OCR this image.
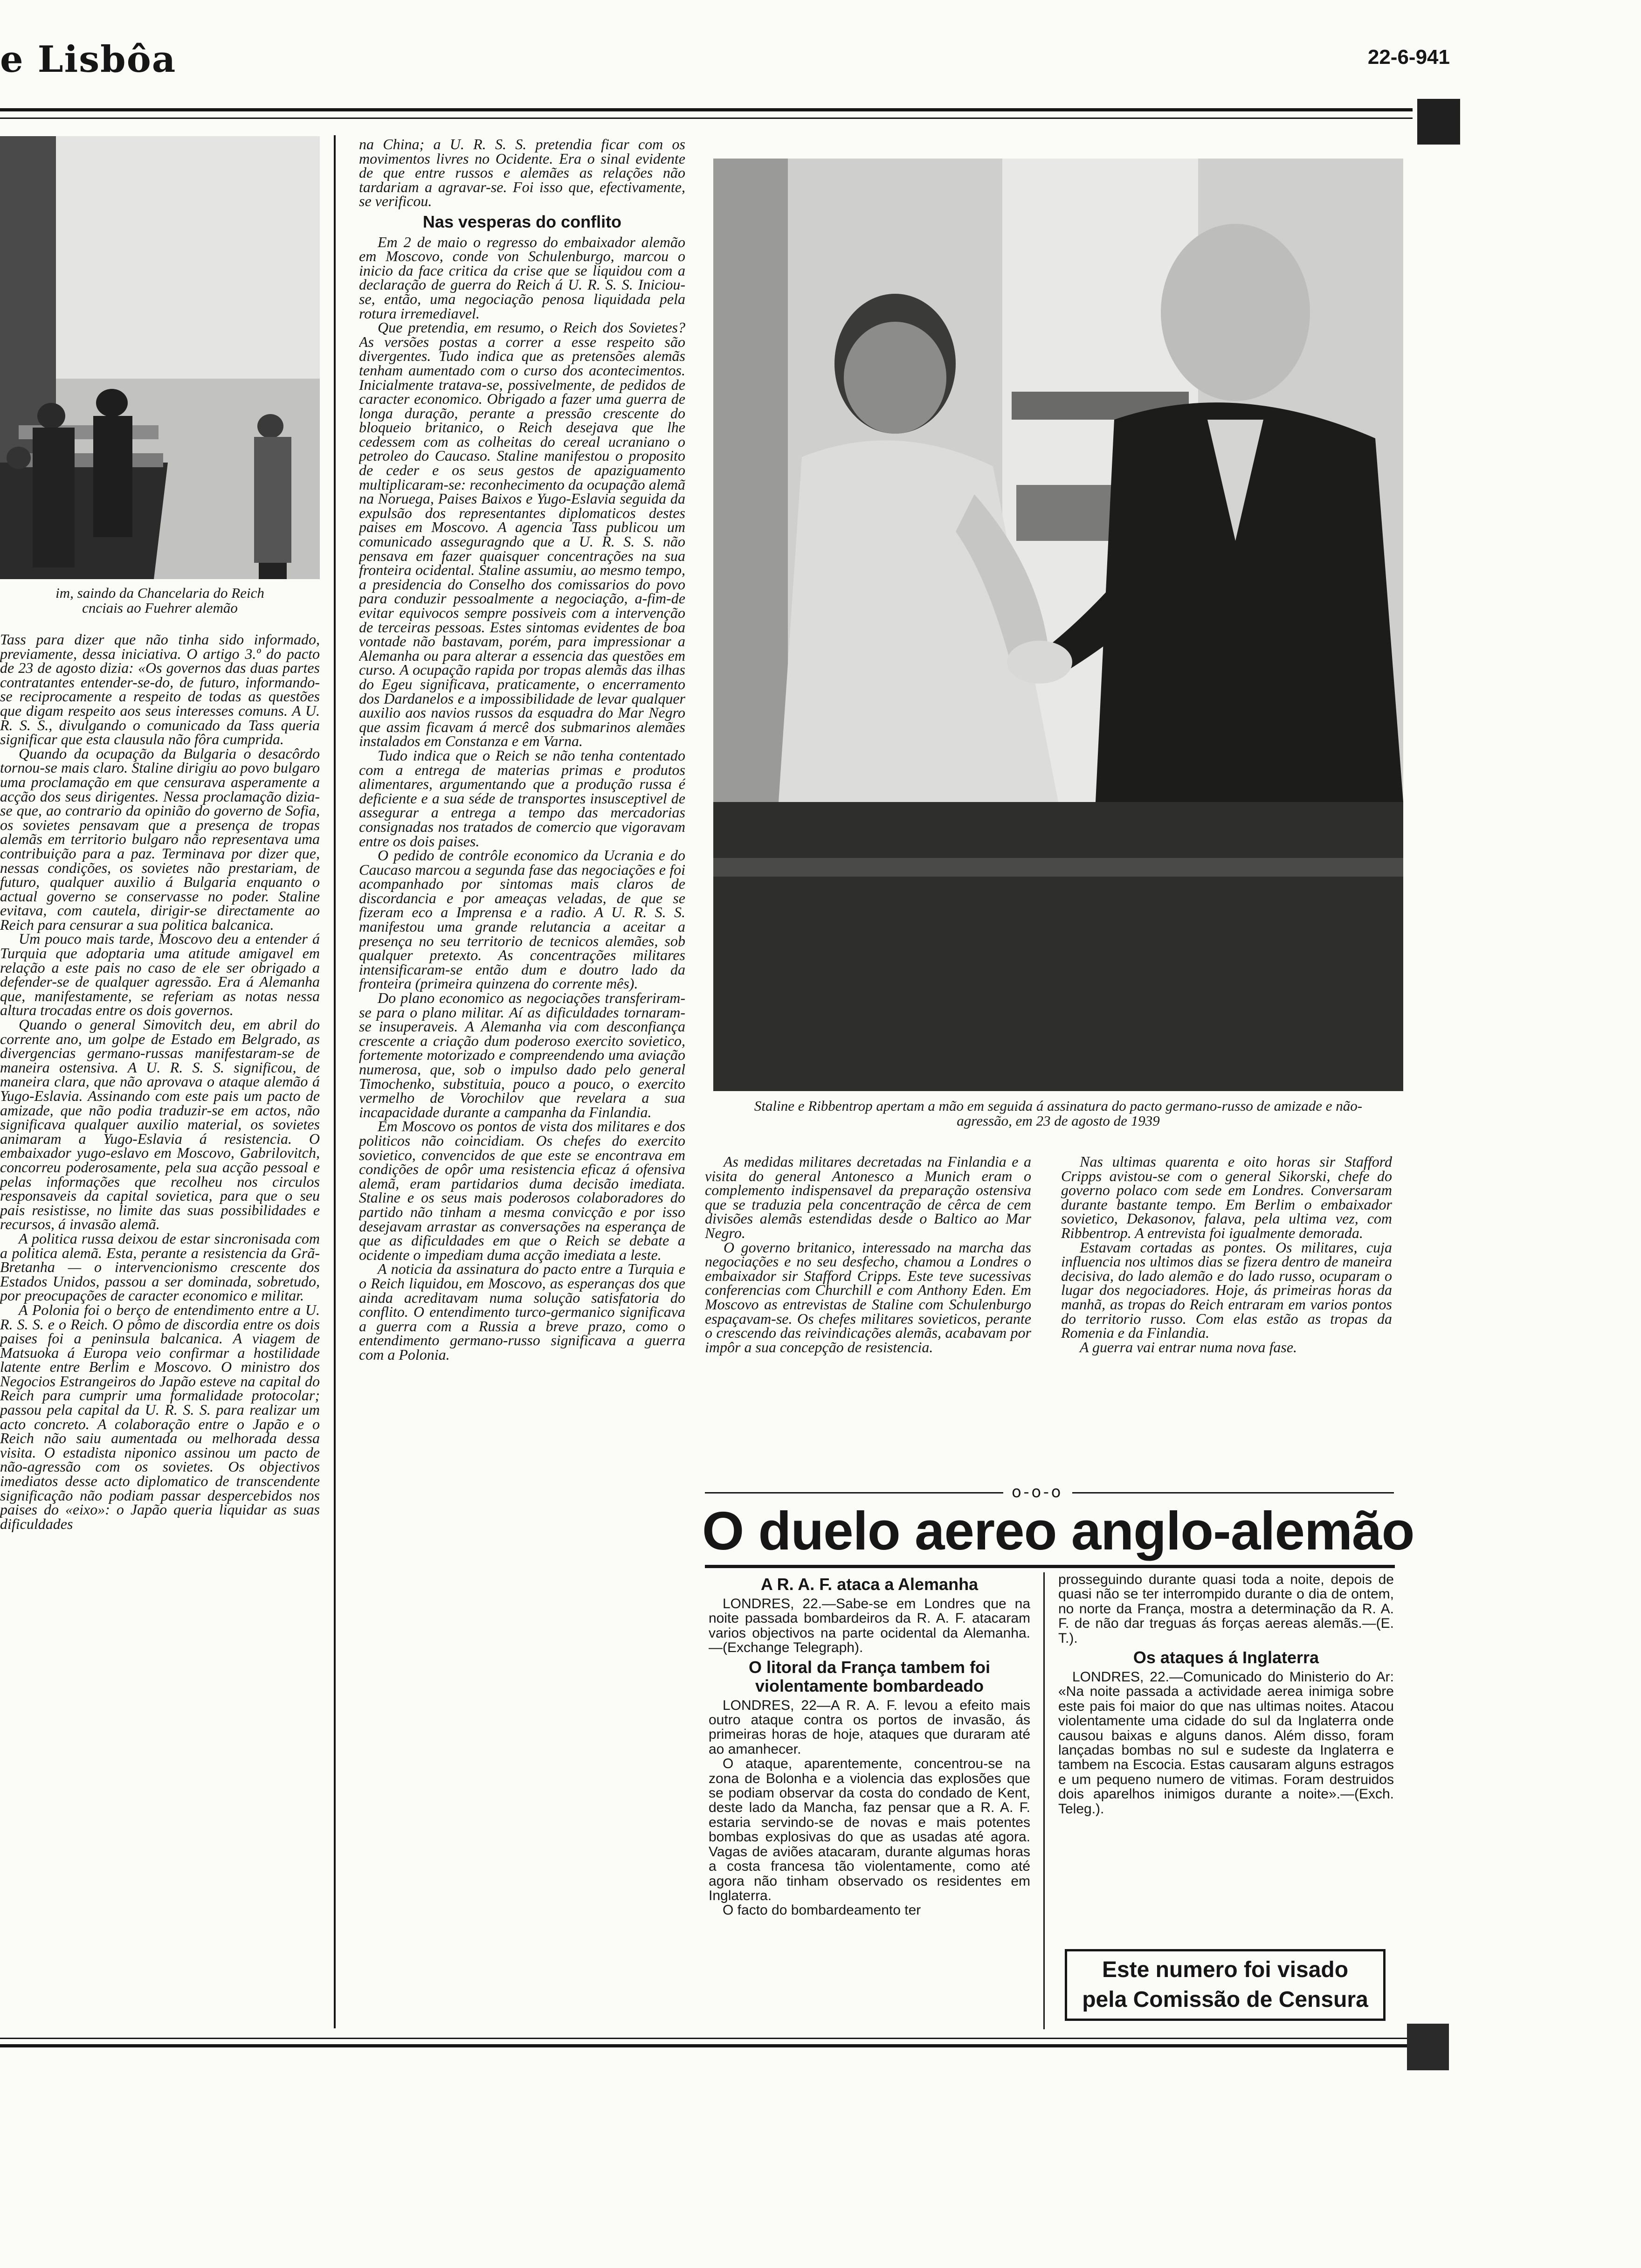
e Lisbôa	22-6-941
im, saindo da Chancelaria do Reich
cnciais ao Fuehrer alemão

Tass para dizer que não tinha sido informado, previamente, dessa iniciativa. O artigo 3.º do pacto de 23 de agosto dizia: «Os governos das duas partes contratantes entender-se-do, de futuro, informando-se reciprocamente a respeito de todas as questões que digam respeito aos seus interesses comuns. A U. R. S. S., divulgando o comunicado da Tass queria significar que esta clausula não fôra cumprida.

Quando da ocupação da Bulgaria o desacôrdo tornou-se mais claro. Staline dirigiu ao povo bulgaro uma proclamação em que censurava asperamente a acção dos seus dirigentes. Nessa proclamação dizia-se que, ao contrario da opinião do governo de Sofia, os sovietes pensavam que a presença de tropas alemãs em territorio bulgaro não representava uma contribuição para a paz. Terminava por dizer que, nessas condições, os sovietes não prestariam, de futuro, qualquer auxilio á Bulgaria enquanto o actual governo se conservasse no poder. Staline evitava, com cautela, dirigir-se directamente ao Reich para censurar a sua politica balcanica.

Um pouco mais tarde, Moscovo deu a entender á Turquia que adoptaria uma atitude amigavel em relação a este pais no caso de ele ser obrigado a defender-se de qualquer agressão. Era á Alemanha que, manifestamente, se referiam as notas nessa altura trocadas entre os dois governos.

Quando o general Simovitch deu, em abril do corrente ano, um golpe de Estado em Belgrado, as divergencias germano-russas manifestaram-se de maneira ostensiva. A U. R. S. S. significou, de maneira clara, que não aprovava o ataque alemão á Yugo-Eslavia. Assinando com este pais um pacto de amizade, que não podia traduzir-se em actos, não significava qualquer auxilio material, os sovietes animaram a Yugo-Eslavia á resistencia. O embaixador yugo-eslavo em Moscovo, Gabrilovitch, concorreu poderosamente, pela sua acção pessoal e pelas informações que recolheu nos circulos responsaveis da capital sovietica, para que o seu pais resistisse, no limite das suas possibilidades e recursos, á invasão alemã.

A politica russa deixou de estar sincronisada com a politica alemã. Esta, perante a resistencia da Grã-Bretanha — o intervencionismo crescente dos Estados Unidos, passou a ser dominada, sobretudo, por preocupações de caracter economico e militar.

A Polonia foi o berço de entendimento entre a U. R. S. S. e o Reich. O pômo de discordia entre os dois paises foi a peninsula balcanica. A viagem de Matsuoka á Europa veio confirmar a hostilidade latente entre Berlim e Moscovo. O ministro dos Negocios Estrangeiros do Japão esteve na capital do Reich para cumprir uma formalidade protocolar; passou pela capital da U. R. S. S. para realizar um acto concreto. A colaboração entre o Japão e o Reich não saiu aumentada ou melhorada dessa visita. O estadista niponico assinou um pacto de não-agressão com os sovietes. Os objectivos imediatos desse acto diplomatico de transcendente significação não podiam passar despercebidos nos paises do «eixo»: o Japão queria liquidar as suas dificuldades

na China; a U. R. S. S. pretendia ficar com os movimentos livres no Ocidente. Era o sinal evidente de que entre russos e alemães as relações não tardariam a agravar-se. Foi isso que, efectivamente, se verificou.

Nas vesperas do conflito

Em 2 de maio o regresso do embaixador alemão em Moscovo, conde von Schulenburgo, marcou o inicio da face critica da crise que se liquidou com a declaração de guerra do Reich á U. R. S. S. Iniciou-se, então, uma negociação penosa liquidada pela rotura irremediavel.

Que pretendia, em resumo, o Reich dos Sovietes? As versões postas a correr a esse respeito são divergentes. Tudo indica que as pretensões alemãs tenham aumentado com o curso dos acontecimentos. Inicialmente tratava-se, possivelmente, de pedidos de caracter economico. Obrigado a fazer uma guerra de longa duração, perante a pressão crescente do bloqueio britanico, o Reich desejava que lhe cedessem com as colheitas do cereal ucraniano o petroleo do Caucaso. Staline manifestou o proposito de ceder e os seus gestos de apaziguamento multiplicaram-se: reconhecimento da ocupação alemã na Noruega, Paises Baixos e Yugo-Eslavia seguida da expulsão dos representantes diplomaticos destes paises em Moscovo. A agencia Tass publicou um comunicado asseguragndo que a U. R. S. S. não pensava em fazer quaisquer concentrações na sua fronteira ocidental. Staline assumiu, ao mesmo tempo, a presidencia do Conselho dos comissarios do povo para conduzir pessoalmente a negociação, a-fim-de evitar equivocos sempre possiveis com a intervenção de terceiras pessoas. Estes sintomas evidentes de boa vontade não bastavam, porém, para impressionar a Alemanha ou para alterar a essencia das questões em curso. A ocupação rapida por tropas alemãs das ilhas do Egeu significava, praticamente, o encerramento dos Dardanelos e a impossibilidade de levar qualquer auxilio aos navios russos da esquadra do Mar Negro que assim ficavam á mercê dos submarinos alemães instalados em Constanza e em Varna.

Tudo indica que o Reich se não tenha contentado com a entrega de materias primas e produtos alimentares, argumentando que a produção russa é deficiente e a sua séde de transportes insusceptivel de assegurar a entrega a tempo das mercadorias consignadas nos tratados de comercio que vigoravam entre os dois paises.

O pedido de contrôle economico da Ucrania e do Caucaso marcou a segunda fase das negociações e foi acompanhado por sintomas mais claros de discordancia e por ameaças veladas, de que se fizeram eco a Imprensa e a radio. A U. R. S. S. manifestou uma grande relutancia a aceitar a presença no seu territorio de tecnicos alemães, sob qualquer pretexto. As concentrações militares intensificaram-se então dum e doutro lado da fronteira (primeira quinzena do corrente mês).

Do plano economico as negociações transferiram-se para o plano militar. Aí as dificuldades tornaram-se insuperaveis. A Alemanha via com desconfiança crescente a criação dum poderoso exercito sovietico, fortemente motorizado e compreendendo uma aviação numerosa, que, sob o impulso dado pelo general Timochenko, substituia, pouco a pouco, o exercito vermelho de Vorochilov que revelara a sua incapacidade durante a campanha da Finlandia.

Em Moscovo os pontos de vista dos militares e dos politicos não coincidiam. Os chefes do exercito sovietico, convencidos de que este se encontrava em condições de opôr uma resistencia eficaz á ofensiva alemã, eram partidarios duma decisão imediata. Staline e os seus mais poderosos colaboradores do partido não tinham a mesma convicção e por isso desejavam arrastar as conversações na esperança de que as dificuldades em que o Reich se debate a ocidente o impediam duma acção imediata a leste.

A noticia da assinatura do pacto entre a Turquia e o Reich liquidou, em Moscovo, as esperanças dos que ainda acreditavam numa solução satisfatoria do conflito. O entendimento turco-germanico significava a guerra com a Russia a breve prazo, como o entendimento germano-russo significava a guerra com a Polonia.

Staline e Ribbentrop apertam a mão em seguida á assinatura do pacto germano-russo de amizade e não-agressão, em 23 de agosto de 1939

As medidas militares decretadas na Finlandia e a visita do general Antonesco a Munich eram o complemento indispensavel da preparação ostensiva que se traduzia pela concentração de cêrca de cem divisões alemãs estendidas desde o Baltico ao Mar Negro.

O governo britanico, interessado na marcha das negociações e no seu desfecho, chamou a Londres o embaixador sir Stafford Cripps. Este teve sucessivas conferencias com Churchill e com Anthony Eden. Em Moscovo as entrevistas de Staline com Schulenburgo espaçavam-se. Os chefes militares sovieticos, perante o crescendo das reivindicações alemãs, acabavam por impôr a sua concepção de resistencia.

Nas ultimas quarenta e oito horas sir Stafford Cripps avistou-se com o general Sikorski, chefe do governo polaco com sede em Londres. Conversaram durante bastante tempo. Em Berlim o embaixador sovietico, Dekasonov, falava, pela ultima vez, com Ribbentrop. A entrevista foi igualmente demorada.

Estavam cortadas as pontes. Os militares, cuja influencia nos ultimos dias se fizera dentro de maneira decisiva, do lado alemão e do lado russo, ocuparam o lugar dos negociadores. Hoje, ás primeiras horas da manhã, as tropas do Reich entraram em varios pontos do territorio russo. Com elas estão as tropas da Romenia e da Finlandia.

A guerra vai entrar numa nova fase.

o-o-o
O duelo aereo anglo-alemão
A R. A. F. ataca a Alemanha

LONDRES, 22.—Sabe-se em Londres que na noite passada bombardeiros da R. A. F. atacaram varios objectivos na parte ocidental da Alemanha.—(Exchange Telegraph).

O litoral da França tambem foi violentamente bombardeado

LONDRES, 22—A R. A. F. levou a efeito mais outro ataque contra os portos de invasão, ás primeiras horas de hoje, ataques que duraram até ao amanhecer.

O ataque, aparentemente, concentrou-se na zona de Bolonha e a violencia das explosões que se podiam observar da costa do condado de Kent, deste lado da Mancha, faz pensar que a R. A. F. estaria servindo-se de novas e mais potentes bombas explosivas do que as usadas até agora. Vagas de aviões atacaram, durante algumas horas a costa francesa tão violentamente, como até agora não tinham observado os residentes em Inglaterra.

O facto do bombardeamento ter

prosseguindo durante quasi toda a noite, depois de quasi não se ter interrompido durante o dia de ontem, no norte da França, mostra a determinação da R. A. F. de não dar treguas ás forças aereas alemãs.—(E. T.).

Os ataques á Inglaterra

LONDRES, 22.—Comunicado do Ministerio do Ar: «Na noite passada a actividade aerea inimiga sobre este pais foi maior do que nas ultimas noites. Atacou violentamente uma cidade do sul da Inglaterra onde causou baixas e alguns danos. Além disso, foram lançadas bombas no sul e sudeste da Inglaterra e tambem na Escocia. Estas causaram alguns estragos e um pequeno numero de vitimas. Foram destruidos dois aparelhos inimigos durante a noite».—(Exch. Teleg.).

Este numero foi visado
pela Comissão de Censura
